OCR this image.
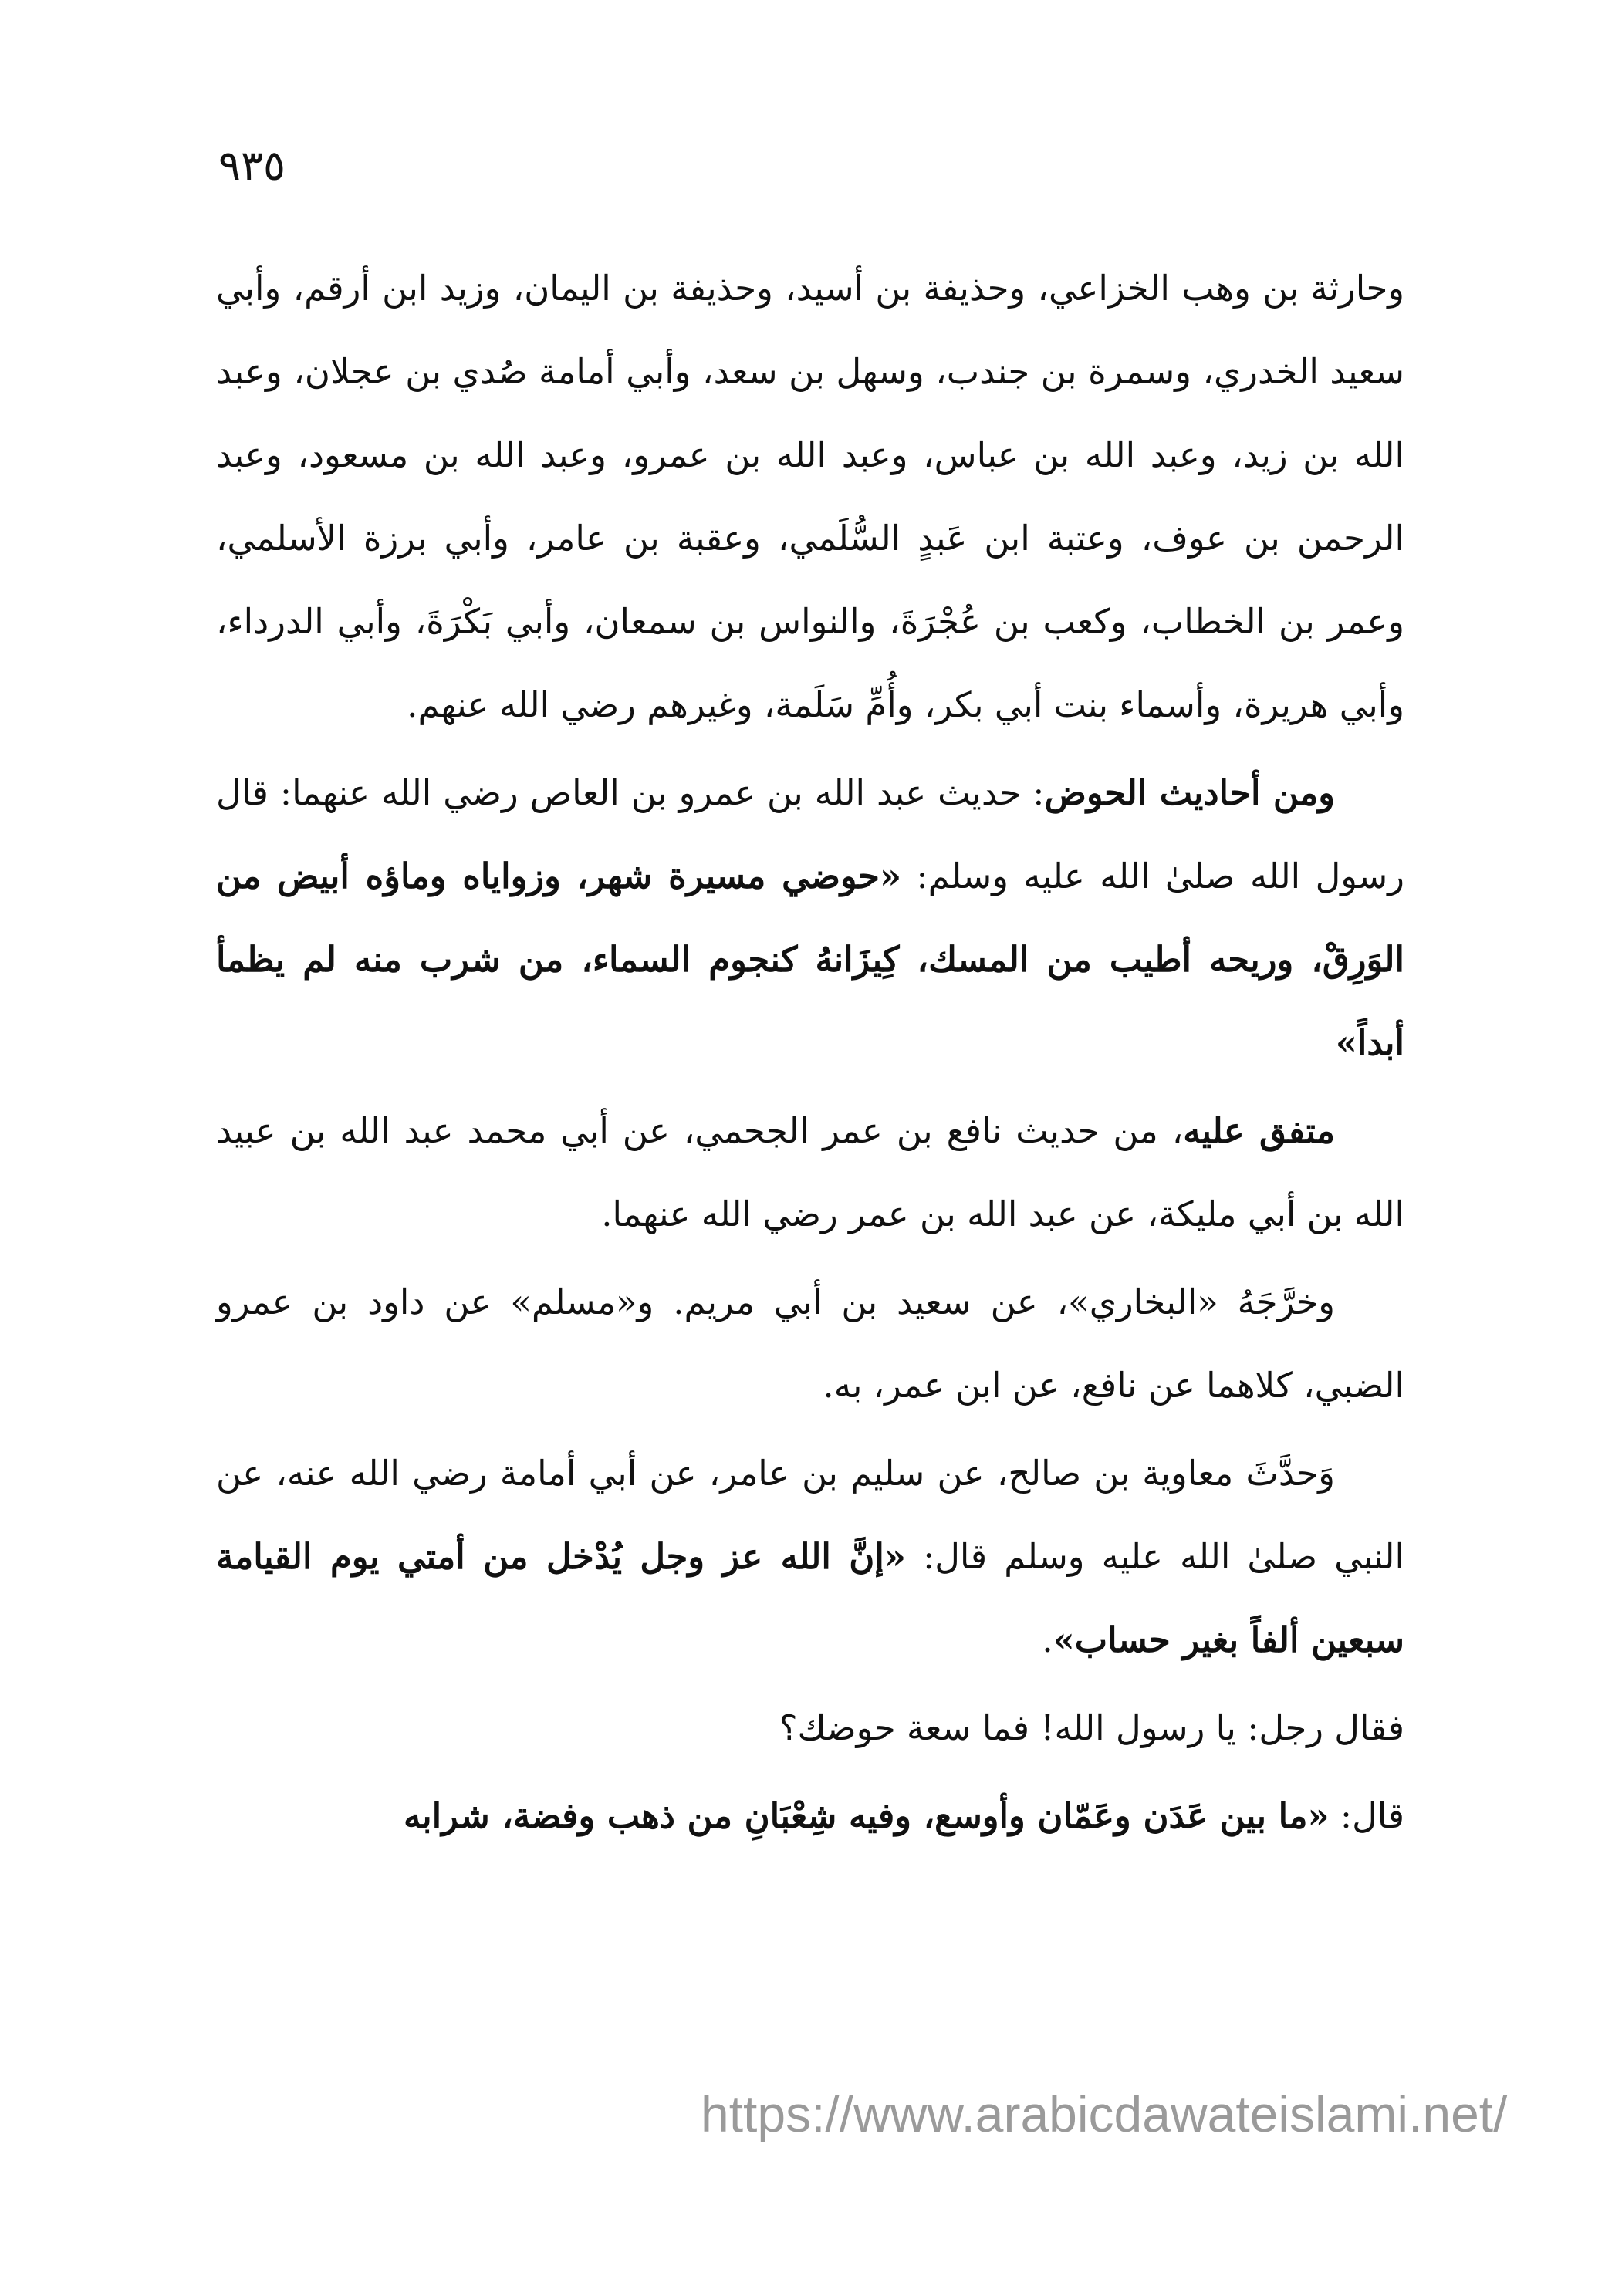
٩٣٥
وحارثة بن وهب الخزاعي، وحذيفة بن أسيد، وحذيفة بن اليمان، وزيد ابن أرقم، وأبي سعيد الخدري، وسمرة بن جندب، وسهل بن سعد، وأبي أمامة صُدي بن عجلان، وعبد الله بن زيد، وعبد الله بن عباس، وعبد الله بن عمرو، وعبد الله بن مسعود، وعبد الرحمن بن عوف، وعتبة ابن عَبدٍ السُّلَمي، وعقبة بن عامر، وأبي برزة الأسلمي، وعمر بن الخطاب، وكعب بن عُجْرَةَ، والنواس بن سمعان، وأبي بَكْرَةَ، وأبي الدرداء، وأبي هريرة، وأسماء بنت أبي بكر، وأُمِّ سَلَمة، وغيرهم رضي الله عنهم.
ومن أحاديث الحوض: حديث عبد الله بن عمرو بن العاص رضي الله عنهما: قال رسول الله صلىٰ الله عليه وسلم: «حوضي مسيرة شهر، وزواياه وماؤه أبيض من الوَرِقْ، وريحه أطيب من المسك، كِيزَانهُ كنجوم السماء، من شرب منه لم يظمأ أبداً»
متفق عليه، من حديث نافع بن عمر الجحمي، عن أبي محمد عبد الله بن عبيد الله بن أبي مليكة، عن عبد الله بن عمر رضي الله عنهما.
وخرَّجَهُ «البخاري»، عن سعيد بن أبي مريم. و«مسلم» عن داود بن عمرو الضبي، كلاهما عن نافع، عن ابن عمر، به.
وَحدَّثَ معاوية بن صالح، عن سليم بن عامر، عن أبي أمامة رضي الله عنه، عن النبي صلىٰ الله عليه وسلم قال: «إنَّ الله عز وجل يُدْخل من أمتي يوم القيامة سبعين ألفاً بغير حساب».
فقال رجل: يا رسول الله! فما سعة حوضك؟
قال: «ما بين عَدَن وعَمّان وأوسع، وفيه شِعْبَانِ من ذهب وفضة، شرابه
https://www.arabicdawateislami.net/
